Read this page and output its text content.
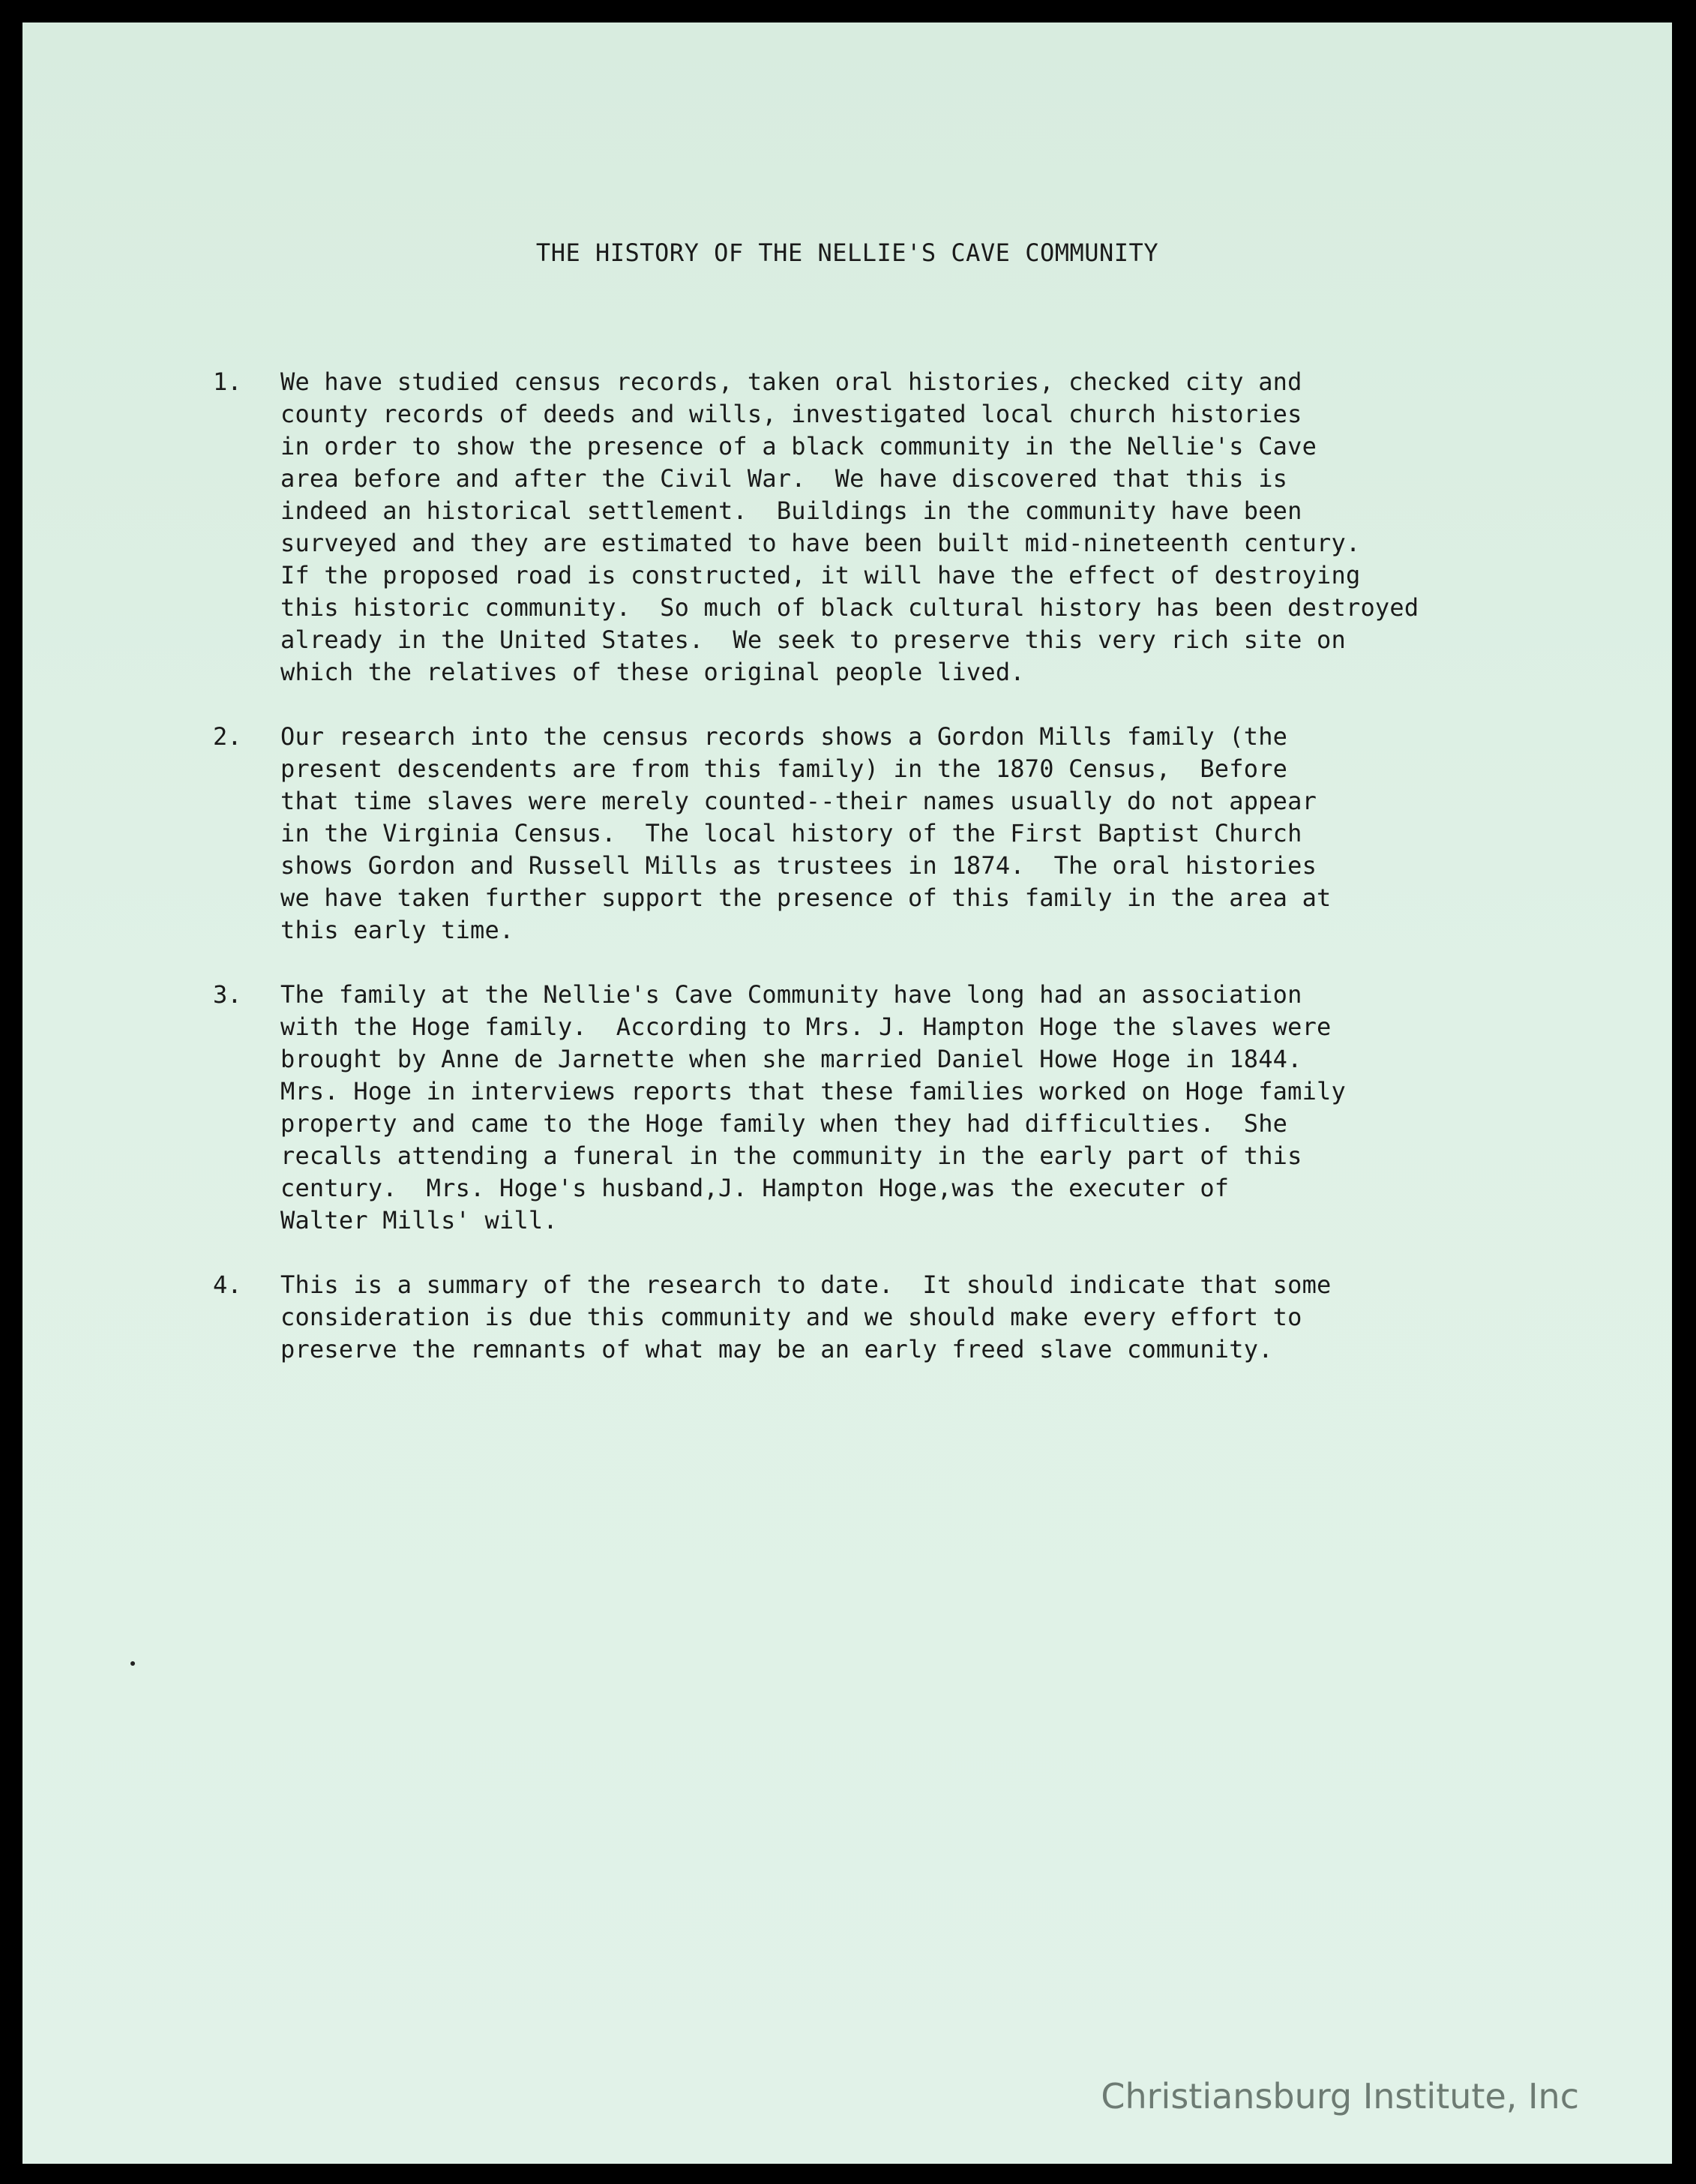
THE HISTORY OF THE NELLIE'S CAVE COMMUNITY
1. We have studied census records, taken oral histories, checked city and
county records of deeds and wills, investigated local church histories
in order to show the presence of a black community in the Nellie's Cave
area before and after the Civil War.  We have discovered that this is
indeed an historical settlement.  Buildings in the community have been
surveyed and they are estimated to have been built mid-nineteenth century.
If the proposed road is constructed, it will have the effect of destroying
this historic community.  So much of black cultural history has been destroyed
already in the United States.  We seek to preserve this very rich site on
which the relatives of these original people lived.
2. Our research into the census records shows a Gordon Mills family (the
present descendents are from this family) in the 1870 Census,  Before
that time slaves were merely counted--their names usually do not appear
in the Virginia Census.  The local history of the First Baptist Church
shows Gordon and Russell Mills as trustees in 1874.  The oral histories
we have taken further support the presence of this family in the area at
this early time.
3. The family at the Nellie's Cave Community have long had an association
with the Hoge family.  According to Mrs. J. Hampton Hoge the slaves were
brought by Anne de Jarnette when she married Daniel Howe Hoge in 1844.
Mrs. Hoge in interviews reports that these families worked on Hoge family
property and came to the Hoge family when they had difficulties.  She
recalls attending a funeral in the community in the early part of this
century.  Mrs. Hoge's husband,J. Hampton Hoge,was the executer of
Walter Mills' will.
4. This is a summary of the research to date.  It should indicate that some
consideration is due this community and we should make every effort to
preserve the remnants of what may be an early freed slave community.
Christiansburg Institute, Inc
